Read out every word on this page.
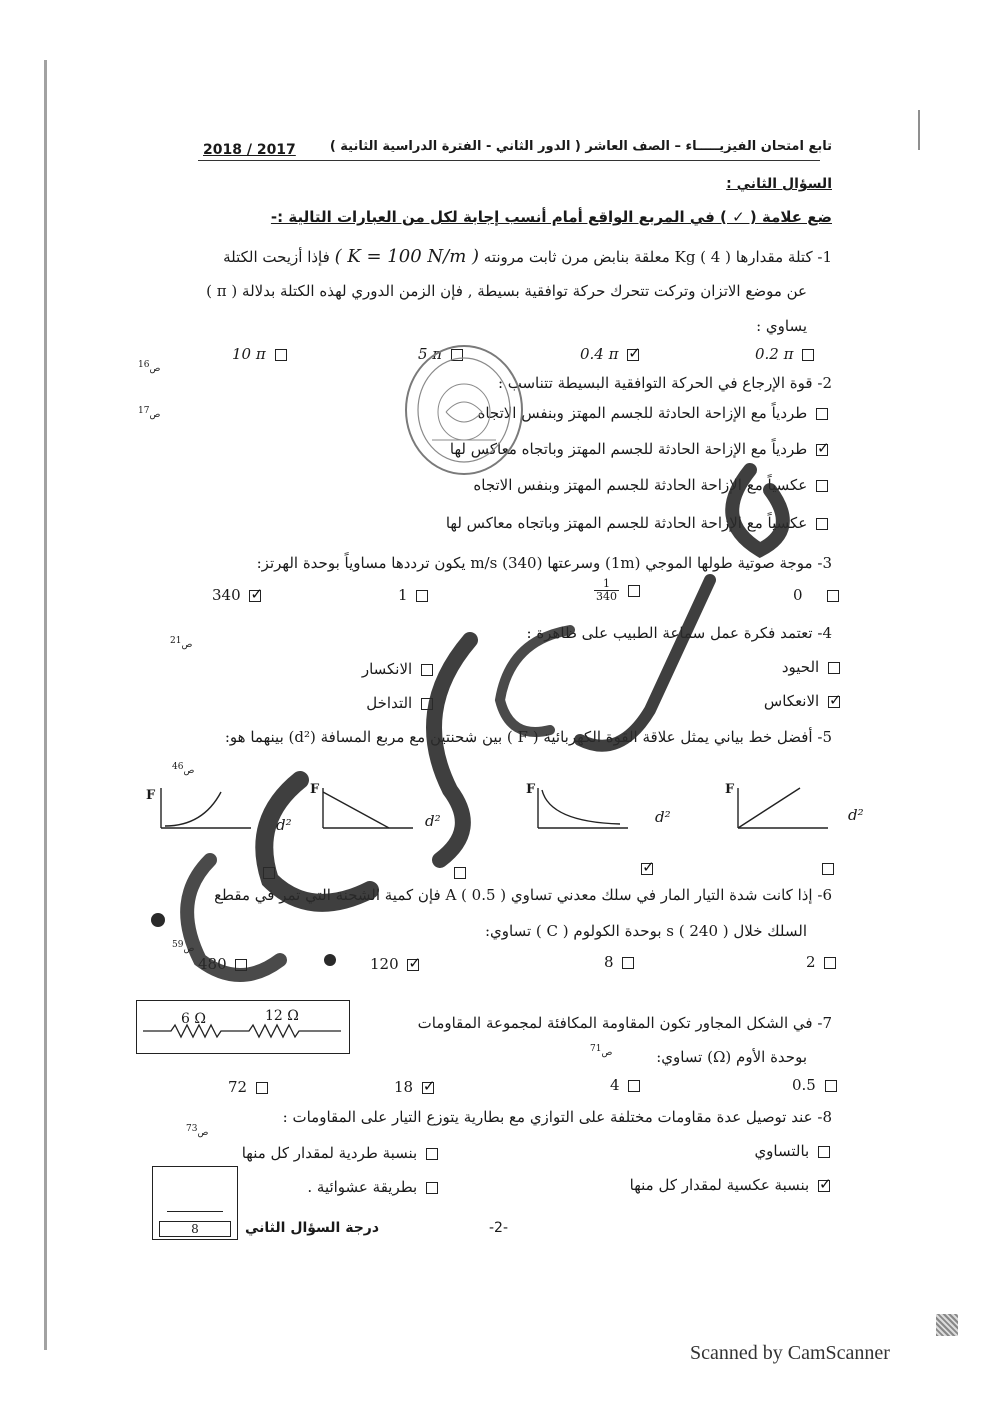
تابع امتحان الفيزيـــــاء – الصف العاشر ( الدور الثاني - الفترة الدراسية الثانية )
2018 / 2017
السؤال الثاني :
ضع علامة ( ✓ ) في المربع الواقع أمام أنسب إجابة لكل من العبارات التالية :-
1- كتلة مقدارها Kg ( 4 ) معلقة بنابض مرن ثابت مرونته ( K = 100 N/m ) فإذا أزيحت الكتلة
عن موضع الاتزان وتركت تتحرك حركة توافقية بسيطة , فإن الزمن الدوري لهذه الكتلة بدلالة ( π )
يساوي :
ص16
0.2 π
0.4 π ✓
5 π
10 π
2- قوة الإرجاع في الحركة التوافقية البسيطة تتناسب :
ص17	طردياً مع الإزاحة الحادثة للجسم المهتز وبنفس الاتجاه
✓ طردياً مع الإزاحة الحادثة للجسم المهتز وباتجاه معاكس لها
عكسياً مع الإزاحة الحادثة للجسم المهتز وبنفس الاتجاه
عكسياً مع الإزاحة الحادثة للجسم المهتز وباتجاه معاكس لها
3- موجة صوتية طولها الموجي (1m) وسرعتها (340) m/s يكون ترددها مساوياً بوحدة الهرتز:
0
$\frac{1}{340}$

1
340 ✓
4- تعتمد فكرة عمل سماعة الطبيب على ظاهرة :
ص21
الحيود
الانكسار
✓ الانعكاس
التداخل
5- أفضل خط بياني يمثل علاقة القوة الكهربائية ( F ) بين شحنتين مع مربع المسافة (d²) بينهما هو:
ص46
F
d²
F
d²
F
d²
F
d²
✓
6- إذا كانت شدة التيار المار في سلك معدني تساوي A ( 0.5 ) فإن كمية الشحنة التي تمر في مقطع
السلك خلال s ( 240 ) بوحدة الكولوم ( C ) تساوي:
ص59
2
8
120 ✓
480
7- في الشكل المجاور تكون المقاومة المكافئة لمجموعة المقاومات
بوحدة الأوم (Ω) تساوي:
ص71
6 Ω	12 Ω
0.5
4
18 ✓
72
8- عند توصيل عدة مقاومات مختلفة على التوازي مع بطارية يتوزع التيار على المقاومات :
ص73
بالتساوي
بنسبة طردية لمقدار كل منها
✓ بنسبة عكسية لمقدار كل منها
بطريقة عشوائية .
8	درجة السؤال الثاني	-2-
Scanned by CamScanner
